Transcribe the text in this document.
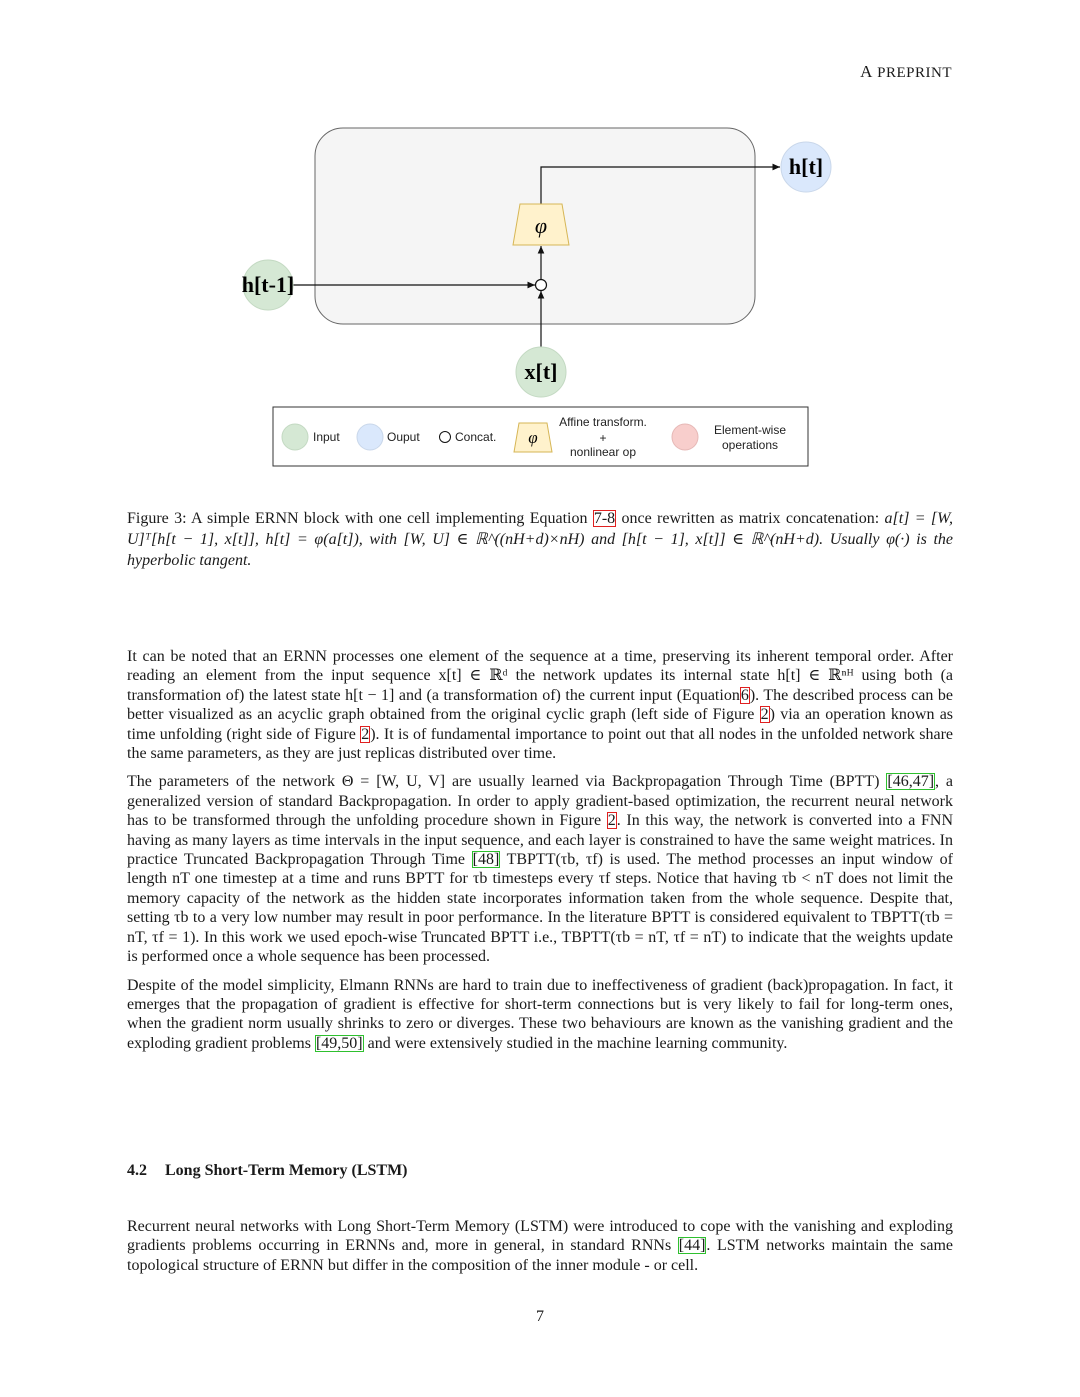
A PREPRINT
φ
h[t]
h[t-1]
x[t]
Input	Ouput	Concat. φ
Affine transform.
+
nonlinear op
Element-wise
operations
Figure 3: A simple ERNN block with one cell implementing Equation 7-8 once rewritten as matrix concatenation: a[t] = [W, U]ᵀ[h[t − 1], x[t]], h[t] = φ(a[t]), with [W, U] ∈ ℝ^((nH+d)×nH) and [h[t − 1], x[t]] ∈ ℝ^(nH+d). Usually φ(·) is the hyperbolic tangent.

It can be noted that an ERNN processes one element of the sequence at a time, preserving its inherent temporal order. After reading an element from the input sequence x[t] ∈ ℝᵈ the network updates its internal state h[t] ∈ ℝⁿᴴ using both (a transformation of) the latest state h[t − 1] and (a transformation of) the current input (Equation6). The described process can be better visualized as an acyclic graph obtained from the original cyclic graph (left side of Figure 2) via an operation known as time unfolding (right side of Figure 2). It is of fundamental importance to point out that all nodes in the unfolded network share the same parameters, as they are just replicas distributed over time.

The parameters of the network Θ = [W, U, V] are usually learned via Backpropagation Through Time (BPTT) [46,47], a generalized version of standard Backpropagation. In order to apply gradient-based optimization, the recurrent neural network has to be transformed through the unfolding procedure shown in Figure 2. In this way, the network is converted into a FNN having as many layers as time intervals in the input sequence, and each layer is constrained to have the same weight matrices. In practice Truncated Backpropagation Through Time [48] TBPTT(τb, τf) is used. The method processes an input window of length nT one timestep at a time and runs BPTT for τb timesteps every τf steps. Notice that having τb < nT does not limit the memory capacity of the network as the hidden state incorporates information taken from the whole sequence. Despite that, setting τb to a very low number may result in poor performance. In the literature BPTT is considered equivalent to TBPTT(τb = nT, τf = 1). In this work we used epoch-wise Truncated BPTT i.e., TBPTT(τb = nT, τf = nT) to indicate that the weights update is performed once a whole sequence has been processed.

Despite of the model simplicity, Elmann RNNs are hard to train due to ineffectiveness of gradient (back)propagation. In fact, it emerges that the propagation of gradient is effective for short-term connections but is very likely to fail for long-term ones, when the gradient norm usually shrinks to zero or diverges. These two behaviours are known as the vanishing gradient and the exploding gradient problems [49,50] and were extensively studied in the machine learning community.

4.2 Long Short-Term Memory (LSTM)

Recurrent neural networks with Long Short-Term Memory (LSTM) were introduced to cope with the vanishing and exploding gradients problems occurring in ERNNs and, more in general, in standard RNNs [44]. LSTM networks maintain the same topological structure of ERNN but differ in the composition of the inner module - or cell.

7
